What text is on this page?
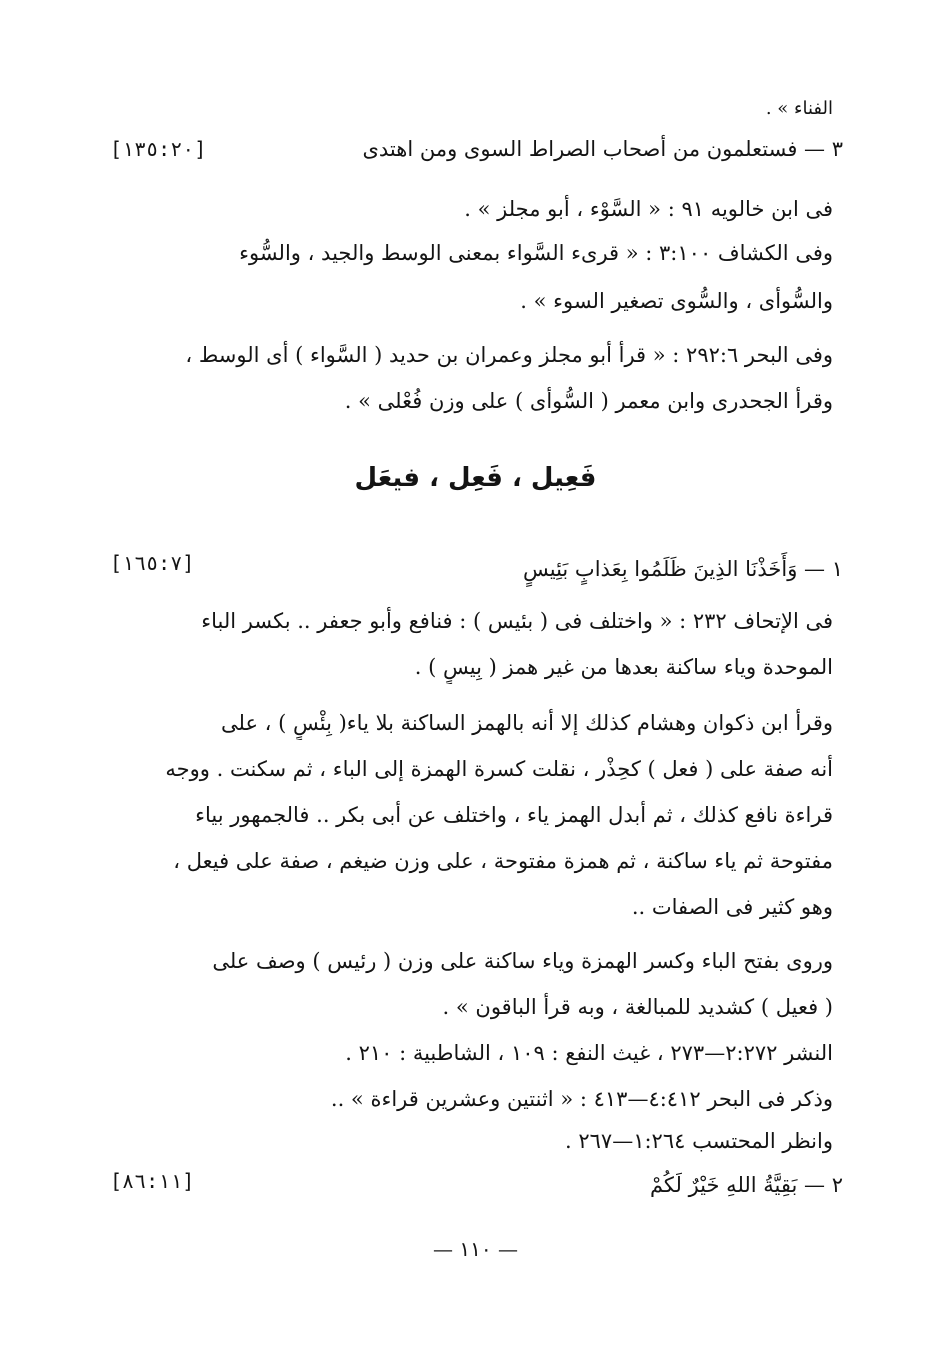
الفناء » .
٣ — فستعلمون من أصحاب الصراط السوى ومن اهتدى
[١٣٥:٢٠]
فى ابن خالويه ٩١ : « السَّوْء ، أبو مجلز » .
وفى الكشاف ٣:١٠٠ : « قرىء السَّواء بمعنى الوسط والجيد ، والسُّوء
والسُّوأى ، والسُّوى تصغير السوء » .
وفى البحر ٢٩٢:٦ : « قرأ أبو مجلز وعمران بن حديد ( السَّواء ) أى الوسط ،
وقرأ الجحدرى وابن معمر ( السُّوأى ) على وزن فُعْلى » .
فَعِيل ، فَعِل ، فيعَل
١ — وَأَخَذْنَا الذِينَ ظَلَمُوا بِعَذابٍ بَئِيسٍ
[١٦٥:٧]
فى الإتحاف ٢٣٢ : « واختلف فى ( بئيس ) : فنافع وأبو جعفر .. بكسر الباء
الموحدة وياء ساكنة بعدها من غير همز ( بِيسٍ ) .
وقرأ ابن ذكوان وهشام كذلك إلا أنه بالهمز الساكنة بلا ياء( بِئْسٍ ) ، على
أنه صفة على ( فعل ) كحِذْر ، نقلت كسرة الهمزة إلى الباء ، ثم سكنت . ووجه
قراءة نافع كذلك ، ثم أبدل الهمز ياء ، واختلف عن أبى بكر .. فالجمهور بياء
مفتوحة ثم ياء ساكنة ، ثم همزة مفتوحة ، على وزن ضيغم ، صفة على فيعل ،
وهو كثير فى الصفات ..
وروى بفتح الباء وكسر الهمزة وياء ساكنة على وزن ( رئيس ) وصف على
( فعيل ) كشديد للمبالغة ، وبه قرأ الباقون » .
النشر ٢:٢٧٢—٢٧٣ ، غيث النفع : ١٠٩ ، الشاطبية : ٢١٠ .
وذكر فى البحر ٤:٤١٢—٤١٣ : « اثنتين وعشرين قراءة » ..
وانظر المحتسب ١:٢٦٤—٢٦٧ .
٢ — بَقِيَّةُ اللهِ خَيْرٌ لَكُمْ
[٨٦:١١]
— ١١٠ —
